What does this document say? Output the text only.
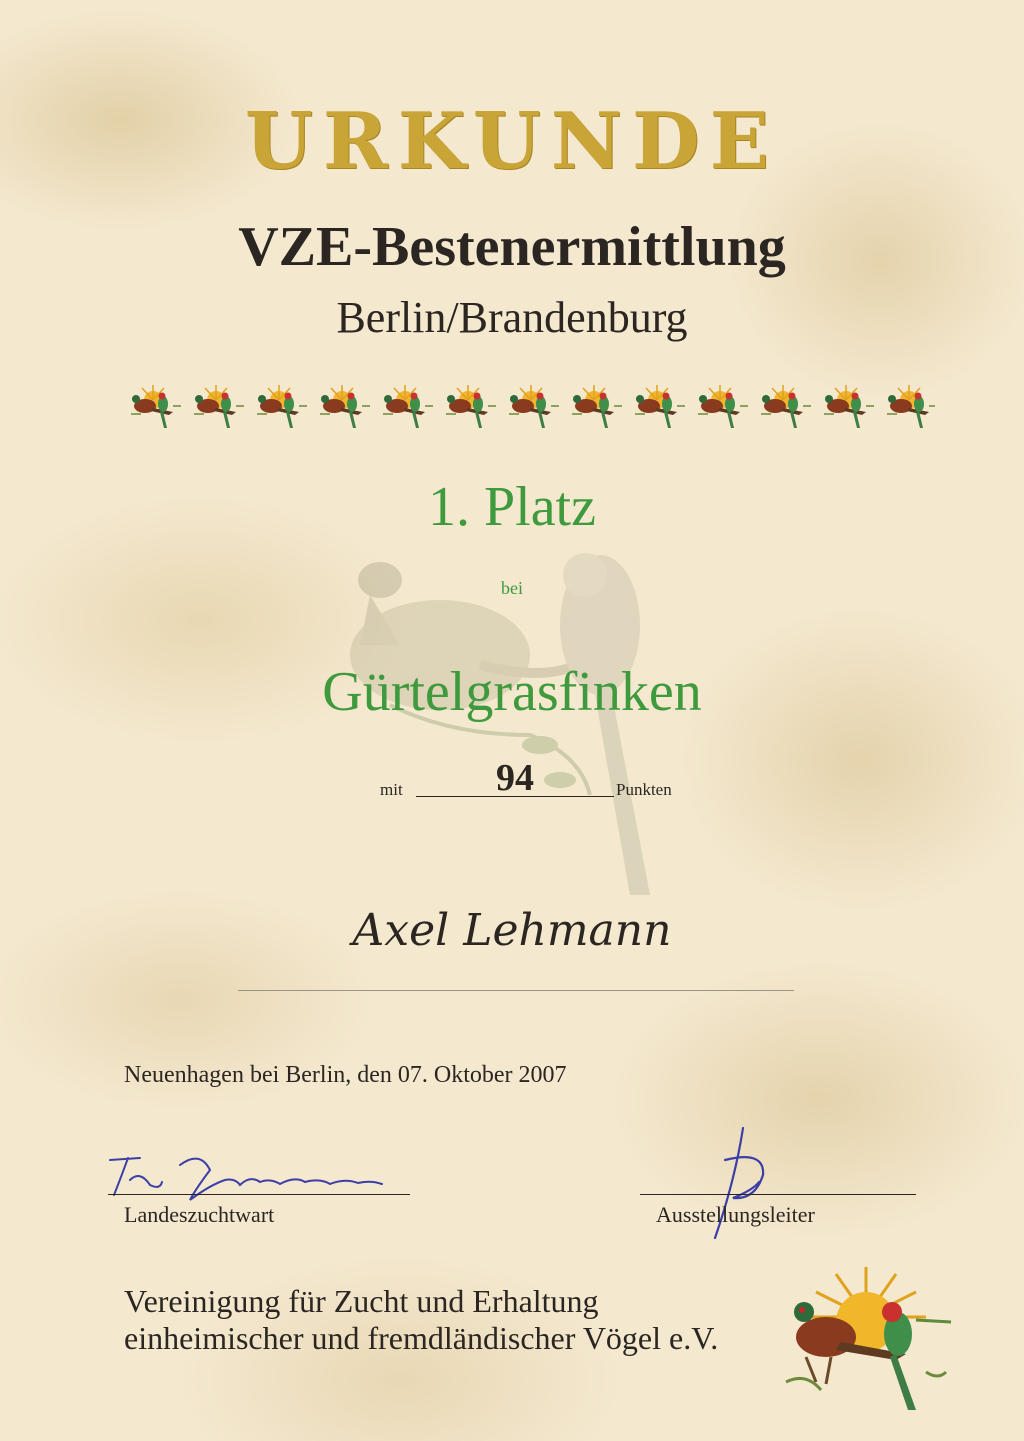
URKUNDE
VZE-Bestenermittlung
Berlin/Brandenburg
1. Platz
bei
Gürtelgrasfinken
mit	94	Punkten
Axel Lehmann
Neuenhagen bei Berlin, den 07. Oktober 2007
Landeszuchtwart	Ausstellungsleiter
Vereinigung für Zucht und Erhaltung
einheimischer und fremdländischer Vögel e.V.
